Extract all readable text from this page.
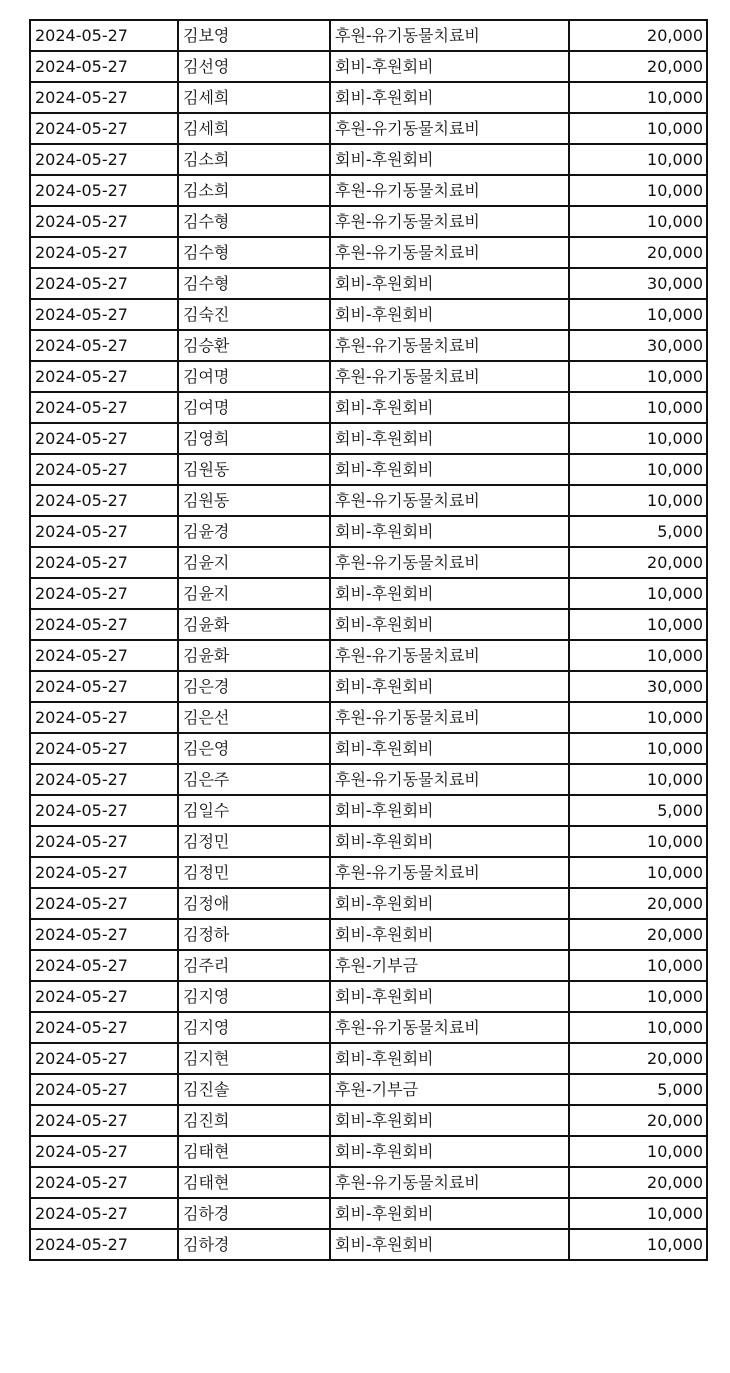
2024-05-27	김보영	후원-유기동물치료비	20,000
2024-05-27	김선영	회비-후원회비	20,000
2024-05-27	김세희	회비-후원회비	10,000
2024-05-27	김세희	후원-유기동물치료비	10,000
2024-05-27	김소희	회비-후원회비	10,000
2024-05-27	김소희	후원-유기동물치료비	10,000
2024-05-27	김수형	후원-유기동물치료비	10,000
2024-05-27	김수형	후원-유기동물치료비	20,000
2024-05-27	김수형	회비-후원회비	30,000
2024-05-27	김숙진	회비-후원회비	10,000
2024-05-27	김승환	후원-유기동물치료비	30,000
2024-05-27	김여명	후원-유기동물치료비	10,000
2024-05-27	김여명	회비-후원회비	10,000
2024-05-27	김영희	회비-후원회비	10,000
2024-05-27	김원동	회비-후원회비	10,000
2024-05-27	김원동	후원-유기동물치료비	10,000
2024-05-27	김윤경	회비-후원회비	5,000
2024-05-27	김윤지	후원-유기동물치료비	20,000
2024-05-27	김윤지	회비-후원회비	10,000
2024-05-27	김윤화	회비-후원회비	10,000
2024-05-27	김윤화	후원-유기동물치료비	10,000
2024-05-27	김은경	회비-후원회비	30,000
2024-05-27	김은선	후원-유기동물치료비	10,000
2024-05-27	김은영	회비-후원회비	10,000
2024-05-27	김은주	후원-유기동물치료비	10,000
2024-05-27	김일수	회비-후원회비	5,000
2024-05-27	김정민	회비-후원회비	10,000
2024-05-27	김정민	후원-유기동물치료비	10,000
2024-05-27	김정애	회비-후원회비	20,000
2024-05-27	김정하	회비-후원회비	20,000
2024-05-27	김주리	후원-기부금	10,000
2024-05-27	김지영	회비-후원회비	10,000
2024-05-27	김지영	후원-유기동물치료비	10,000
2024-05-27	김지현	회비-후원회비	20,000
2024-05-27	김진솔	후원-기부금	5,000
2024-05-27	김진희	회비-후원회비	20,000
2024-05-27	김태현	회비-후원회비	10,000
2024-05-27	김태현	후원-유기동물치료비	20,000
2024-05-27	김하경	회비-후원회비	10,000
2024-05-27	김하경	회비-후원회비	10,000
